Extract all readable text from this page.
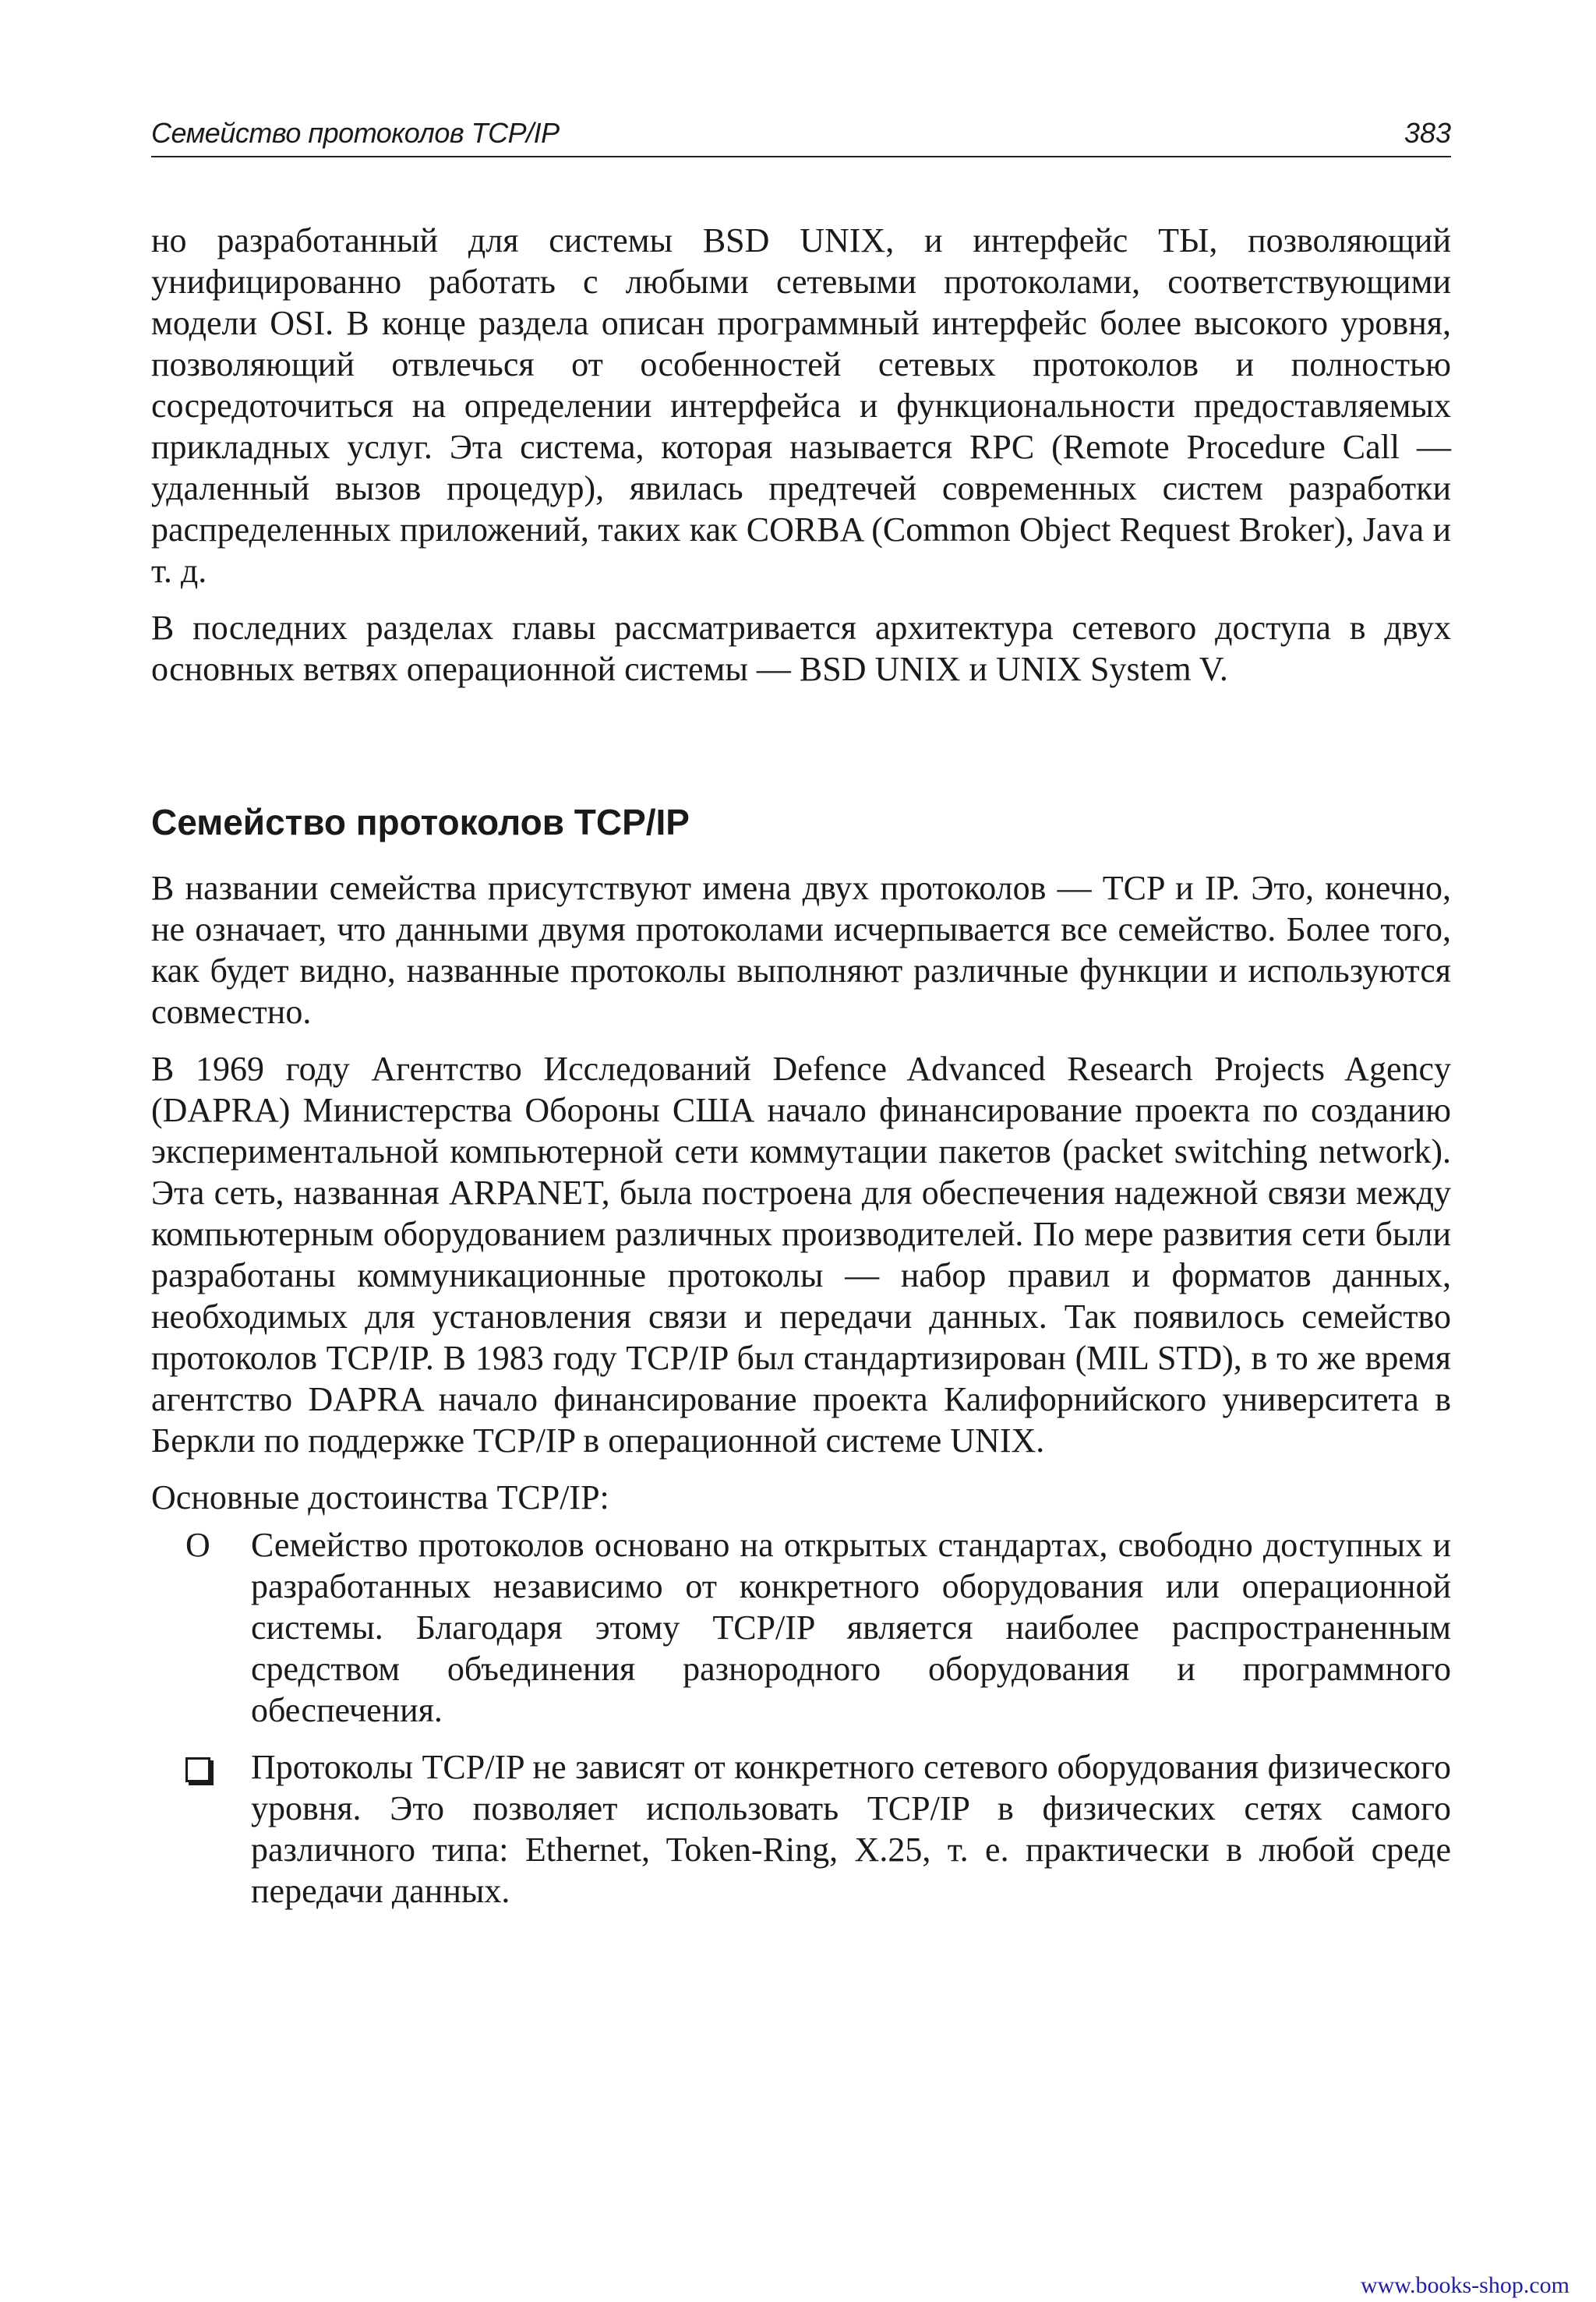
Семейство протоколов TCP/IP	383

но разработанный для системы BSD UNIX, и интерфейс ТЫ, позволяющий унифицированно работать с любыми сетевыми протоколами, соответствующими модели OSI. В конце раздела описан программный интерфейс более высокого уровня, позволяющий отвлечься от особенностей сетевых протоколов и полностью сосредоточиться на определении интерфейса и функциональности предоставляемых прикладных услуг. Эта система, которая называется RPC (Remote Procedure Call — удаленный вызов процедур), явилась предтечей современных систем разработки распределенных приложений, таких как CORBA (Common Object Request Broker), Java и т. д.

В последних разделах главы рассматривается архитектура сетевого доступа в двух основных ветвях операционной системы — BSD UNIX и UNIX System V.

Семейство протоколов TCP/IP

В названии семейства присутствуют имена двух протоколов — TCP и IP. Это, конечно, не означает, что данными двумя протоколами исчерпывается все семейство. Более того, как будет видно, названные протоколы выполняют различные функции и используются совместно.

В 1969 году Агентство Исследований Defence Advanced Research Projects Agency (DAPRA) Министерства Обороны США начало финансирование проекта по созданию экспериментальной компьютерной сети коммутации пакетов (packet switching network). Эта сеть, названная ARPANET, была построена для обеспечения надежной связи между компьютерным оборудованием различных производителей. По мере развития сети были разработаны коммуникационные протоколы — набор правил и форматов данных, необходимых для установления связи и передачи данных. Так появилось семейство протоколов TCP/IP. В 1983 году TCP/IP был стандартизирован (MIL STD), в то же время агентство DAPRA начало финансирование проекта Калифорнийского университета в Беркли по поддержке TCP/IP в операционной системе UNIX.

Основные достоинства TCP/IP:

О Семейство протоколов основано на открытых стандартах, свободно доступных и разработанных независимо от конкретного оборудования или операционной системы. Благодаря этому TCP/IP является наиболее распространенным средством объединения разнородного оборудования и программного обеспечения.
Протоколы TCP/IP не зависят от конкретного сетевого оборудования физического уровня. Это позволяет использовать TCP/IP в физических сетях самого различного типа: Ethernet, Token-Ring, Х.25, т. е. практически в любой среде передачи данных.
www.books-shop.com
